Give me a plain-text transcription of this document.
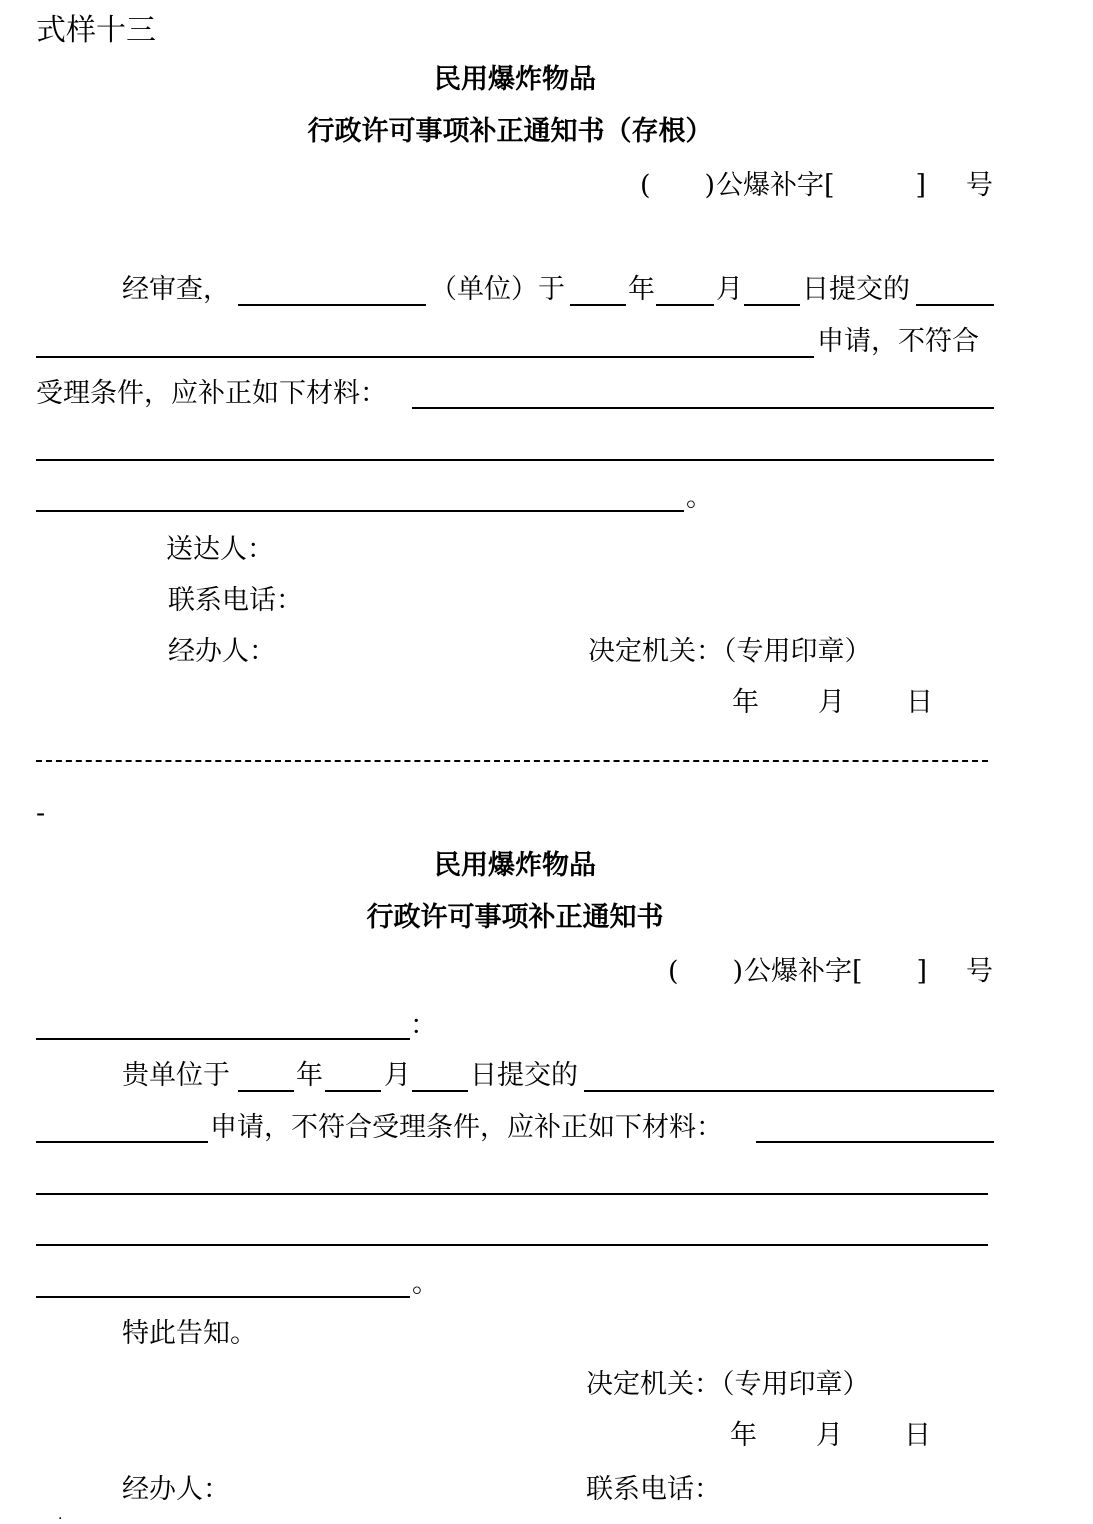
式样十三
民用爆炸物品
行政许可事项补正通知书（存根）
(　　) 公爆补字[　　　] 号
经审查，	（单位）于 年 月 日提交的
申请，不符合
受理条件，应补正如下材料：
。
送达人：
联系电话：
经办人：	决定机关：（专用印章）
年 月 日
-
民用爆炸物品
行政许可事项补正通知书
(　　) 公爆补字[　　] 号
：
贵单位于 年 月 日提交的
申请，不符合受理条件，应补正如下材料：
。
特此告知。
决定机关：（专用印章）
年 月 日
经办人：	联系电话：
.
